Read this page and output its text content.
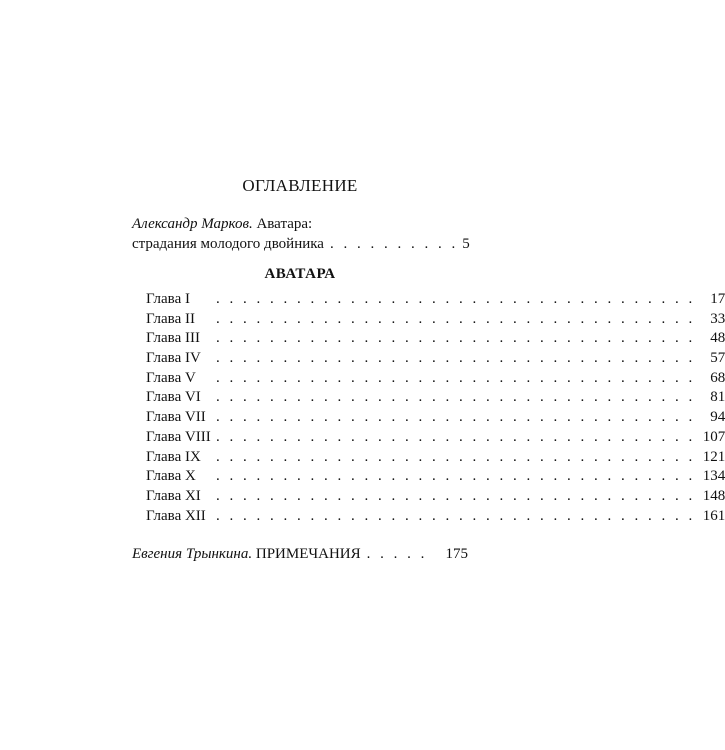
ОГЛАВЛЕНИЕ
Александр Марков. Аватара:
страдания молодого двойника . . . . . . . . . . 5
АВАТАРА
Глава I	. . . . . . . . . . . . . . . . . . . . . . . . . . . . . . . . . . . .	17
Глава II	. . . . . . . . . . . . . . . . . . . . . . . . . . . . . . . . . . . .	33
Глава III	. . . . . . . . . . . . . . . . . . . . . . . . . . . . . . . . . . . .	48
Глава IV	. . . . . . . . . . . . . . . . . . . . . . . . . . . . . . . . . . . .	57
Глава V	. . . . . . . . . . . . . . . . . . . . . . . . . . . . . . . . . . . .	68
Глава VI	. . . . . . . . . . . . . . . . . . . . . . . . . . . . . . . . . . . .	81
Глава VII . . . . . . . . . . . . . . . . . . . . . . . . . . . . . . . . . . . .	94
Глава VIII . . . . . . . . . . . . . . . . . . . . . . . . . . . . . . . . . . . . 107
Глава IX	. . . . . . . . . . . . . . . . . . . . . . . . . . . . . . . . . . . . 121
Глава X	. . . . . . . . . . . . . . . . . . . . . . . . . . . . . . . . . . . . 134
Глава XI	. . . . . . . . . . . . . . . . . . . . . . . . . . . . . . . . . . . . 148
Глава XII . . . . . . . . . . . . . . . . . . . . . . . . . . . . . . . . . . . . 161
Евгения Трынкина. ПРИМЕЧАНИЯ . . . . .	175
